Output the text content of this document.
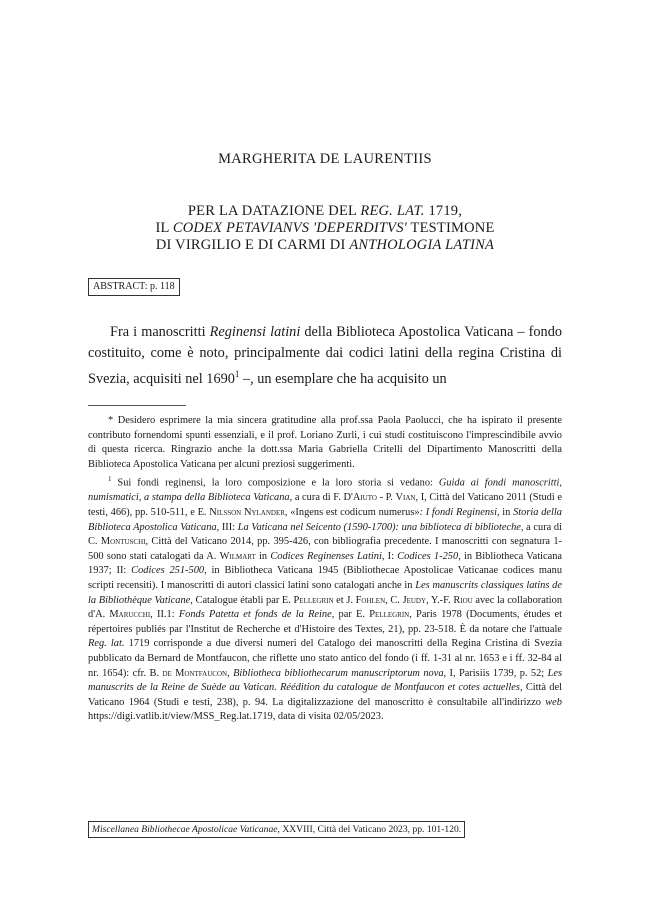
MARGHERITA DE LAURENTIIS
PER LA DATAZIONE DEL REG. LAT. 1719,
IL CODEX PETAVIANVS 'DEPERDITVS' TESTIMONE
DI VIRGILIO E DI CARMI DI ANTHOLOGIA LATINA
ABSTRACT: p. 118
Fra i manoscritti Reginensi latini della Biblioteca Apostolica Vaticana – fondo costituito, come è noto, principalmente dai codici latini della regina Cristina di Svezia, acquisiti nel 1690$^1$ –, un esemplare che ha acquisito un

* Desidero esprimere la mia sincera gratitudine alla prof.ssa Paola Paolucci, che ha ispirato il presente contributo fornendomi spunti essenziali, e il prof. Loriano Zurli, i cui studi costituiscono l'imprescindibile avvio di questa ricerca. Ringrazio anche la dott.ssa Maria Gabriella Critelli del Dipartimento Manoscritti della Biblioteca Apostolica Vaticana per alcuni preziosi suggerimenti.

$^1$ Sui fondi reginensi, la loro composizione e la loro storia si vedano: Guida ai fondi manoscritti, numismatici, a stampa della Biblioteca Vaticana, a cura di F. D'Aiuto - P. Vian, I, Città del Vaticano 2011 (Studi e testi, 466), pp. 510-511, e E. Nilsson Nylander, «Ingens est codicum numerus»: I fondi Reginensi, in Storia della Biblioteca Apostolica Vaticana, III: La Vaticana nel Seicento (1590-1700): una biblioteca di biblioteche, a cura di C. Montuschi, Città del Vaticano 2014, pp. 395-426, con bibliografia precedente. I manoscritti con segnatura 1-500 sono stati catalogati da A. Wilmart in Codices Reginenses Latini, I: Codices 1-250, in Bibliotheca Vaticana 1937; II: Codices 251-500, in Bibliotheca Vaticana 1945 (Bibliothecae Apostolicae Vaticanae codices manu scripti recensiti). I manoscritti di autori classici latini sono catalogati anche in Les manuscrits classiques latins de la Bibliothèque Vaticane, Catalogue établi par E. Pellegrin et J. Fohlen, C. Jeudy, Y.-F. Riou avec la collaboration d'A. Marucchi, II.1: Fonds Patetta et fonds de la Reine, par E. Pellegrin, Paris 1978 (Documents, études et répertoires publiés par l'Institut de Recherche et d'Histoire des Textes, 21), pp. 23-518. È da notare che l'attuale Reg. lat. 1719 corrisponde a due diversi numeri del Catalogo dei manoscritti della Regina Cristina di Svezia pubblicato da Bernard de Montfaucon, che riflette uno stato antico del fondo (i ff. 1-31 al nr. 1653 e i ff. 32-84 al nr. 1654): cfr. B. de Montfaucon, Bibliotheca bibliothecarum manuscriptorum nova, I, Parisiis 1739, p. 52; Les manuscrits de la Reine de Suède au Vatican. Réédition du catalogue de Montfaucon et cotes actuelles, Città del Vaticano 1964 (Studi e testi, 238), p. 94. La digitalizzazione del manoscritto è consultabile all'indirizzo web https://digi.vatlib.it/view/MSS_Reg.lat.1719, data di visita 02/05/2023.

Miscellanea Bibliothecae Apostolicae Vaticanae, XXVIII, Città del Vaticano 2023, pp. 101-120.
